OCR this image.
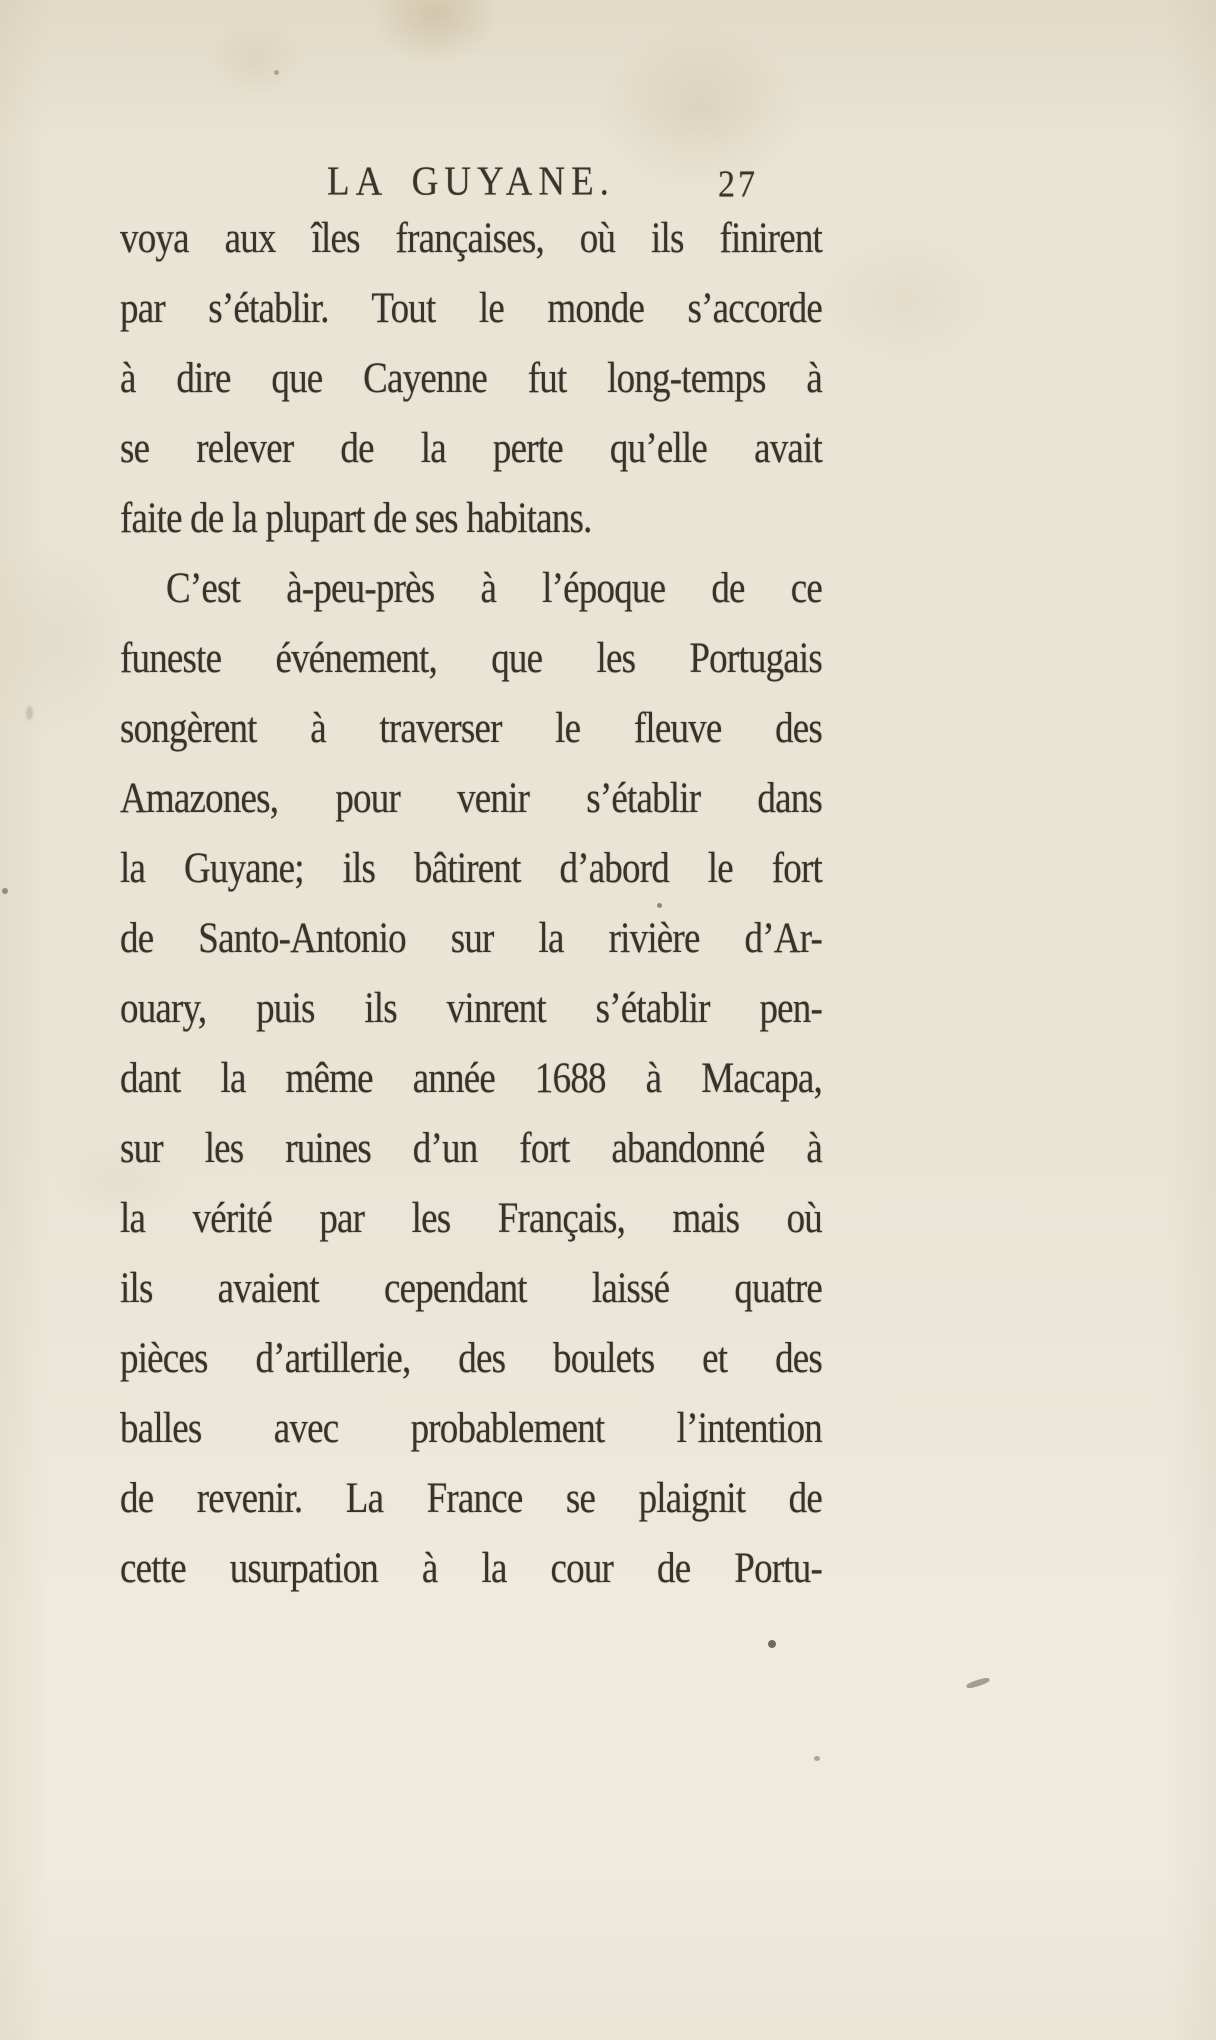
LA GUYANE.	27
voya aux îles françaises, où ils finirent
par s’établir. Tout le monde s’accorde
à dire que Cayenne fut long-temps à
se relever de la perte qu’elle avait
faite de la plupart de ses habitans.
C’est à-peu-près à l’époque de ce
funeste événement, que les Portugais
songèrent à traverser le fleuve des
Amazones, pour venir s’établir dans
la Guyane; ils bâtirent d’abord le fort
de Santo-Antonio sur la rivière d’Ar-
ouary, puis ils vinrent s’établir pen-
dant la même année 1688 à Macapa,
sur les ruines d’un fort abandonné à
la vérité par les Français, mais où
ils avaient cependant laissé quatre
pièces d’artillerie, des boulets et des
balles avec probablement l’intention
de revenir. La France se plaignit de
cette usurpation à la cour de Portu-
